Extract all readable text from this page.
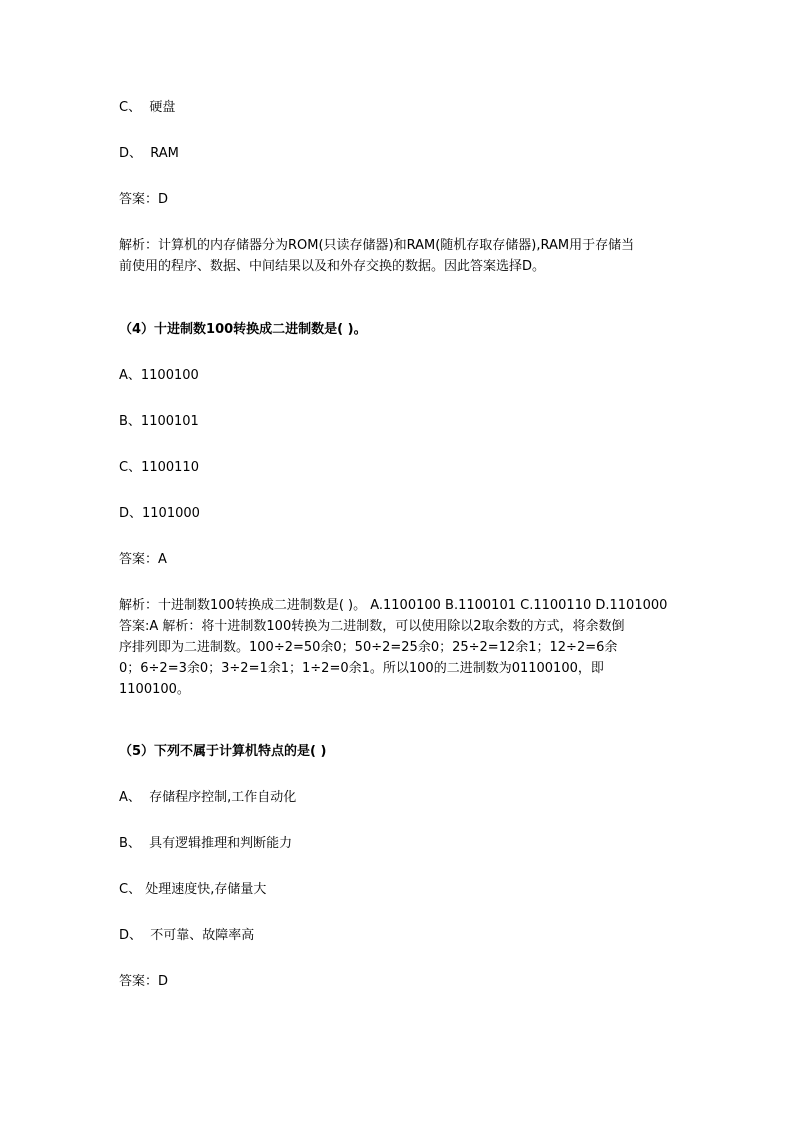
C、  硬盘
D、  RAM
答案：D
解析：计算机的内存储器分为ROM(只读存储器)和RAM(随机存取存储器),RAM用于存储当
前使用的程序、数据、中间结果以及和外存交换的数据。因此答案选择D。
（4）十进制数100转换成二进制数是( )。
A、1100100
B、1100101
C、1100110
D、1101000
答案：A
解析：十进制数100转换成二进制数是( )。 A.1100100 B.1100101 C.1100110 D.1101000
答案:A 解析：将十进制数100转换为二进制数，可以使用除以2取余数的方式，将余数倒
序排列即为二进制数。100÷2=50余0；50÷2=25余0；25÷2=12余1；12÷2=6余
0；6÷2=3余0；3÷2=1余1；1÷2=0余1。所以100的二进制数为01100100，即
1100100。
（5）下列不属于计算机特点的是( )
A、  存储程序控制,工作自动化
B、  具有逻辑推理和判断能力
C、 处理速度快,存储量大
D、  不可靠、故障率高
答案：D
